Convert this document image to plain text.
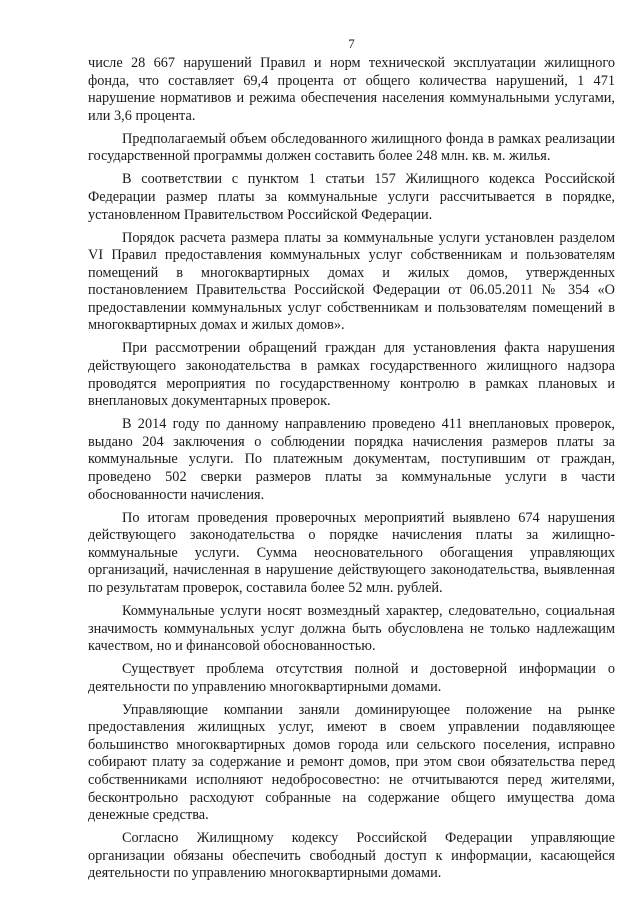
7

числе 28 667 нарушений Правил и норм технической эксплуатации жилищного фонда, что составляет 69,4 процента от общего количества нарушений, 1 471 нарушение нормативов и режима обеспечения населения коммунальными услугами, или 3,6 процента.

Предполагаемый объем обследованного жилищного фонда в рамках реализации государственной программы должен составить более 248 млн. кв. м. жилья.

В соответствии с пунктом 1 статьи 157 Жилищного кодекса Российской Федерации размер платы за коммунальные услуги рассчитывается в порядке, установленном Правительством Российской Федерации.

Порядок расчета размера платы за коммунальные услуги установлен разделом VI Правил предоставления коммунальных услуг собственникам и пользователям помещений в многоквартирных домах и жилых домов, утвержденных постановлением Правительства Российской Федерации от 06.05.2011 № 354 «О предоставлении коммунальных услуг собственникам и пользователям помещений в многоквартирных домах и жилых домов».

При рассмотрении обращений граждан для установления факта нарушения действующего законодательства в рамках государственного жилищного надзора проводятся мероприятия по государственному контролю в рамках плановых и внеплановых документарных проверок.

В 2014 году по данному направлению проведено 411 внеплановых проверок, выдано 204 заключения о соблюдении порядка начисления размеров платы за коммунальные услуги. По платежным документам, поступившим от граждан, проведено 502 сверки размеров платы за коммунальные услуги в части обоснованности начисления.

По итогам проведения проверочных мероприятий выявлено 674 нарушения действующего законодательства о порядке начисления платы за жилищно-коммунальные услуги. Сумма неосновательного обогащения управляющих организаций, начисленная в нарушение действующего законодательства, выявленная по результатам проверок, составила более 52 млн. рублей.

Коммунальные услуги носят возмездный характер, следовательно, социальная значимость коммунальных услуг должна быть обусловлена не только надлежащим качеством, но и финансовой обоснованностью.

Существует проблема отсутствия полной и достоверной информации о деятельности по управлению многоквартирными домами.

Управляющие компании заняли доминирующее положение на рынке предоставления жилищных услуг, имеют в своем управлении подавляющее большинство многоквартирных домов города или сельского поселения, исправно собирают плату за содержание и ремонт домов, при этом свои обязательства перед собственниками исполняют недобросовестно: не отчитываются перед жителями, бесконтрольно расходуют собранные на содержание общего имущества дома денежные средства.

Согласно Жилищному кодексу Российской Федерации управляющие организации обязаны обеспечить свободный доступ к информации, касающейся деятельности по управлению многоквартирными домами.
